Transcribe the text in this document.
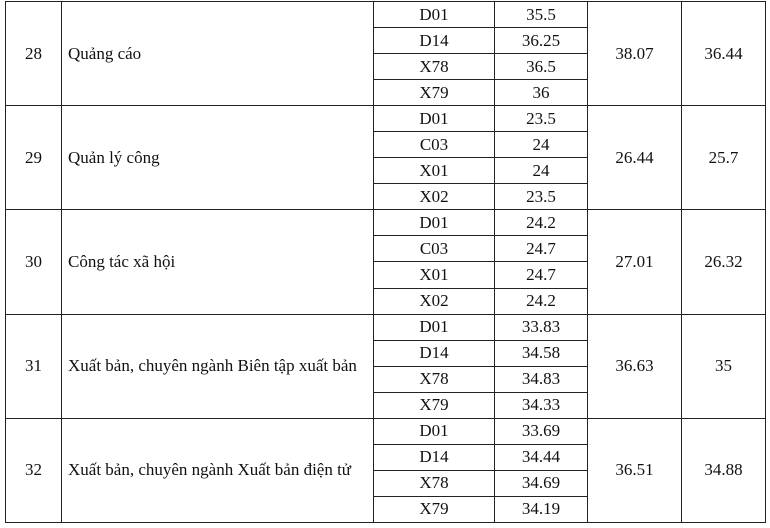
28	Quảng cáo	D01	35.5	38.07	36.44
		D14	36.25		
		X78	36.5		
		X79	36		
29	Quản lý công	D01	23.5	26.44	25.7
		C03	24		
		X01	24		
		X02	23.5		
30	Công tác xã hội	D01	24.2	27.01	26.32
		C03	24.7		
		X01	24.7		
		X02	24.2		
31	Xuất bản, chuyên ngành Biên tập xuất bản	D01	33.83	36.63	35
		D14	34.58		
		X78	34.83		
		X79	34.33		
32	Xuất bản, chuyên ngành Xuất bản điện tử	D01	33.69	36.51	34.88
		D14	34.44		
		X78	34.69		
		X79	34.19		
